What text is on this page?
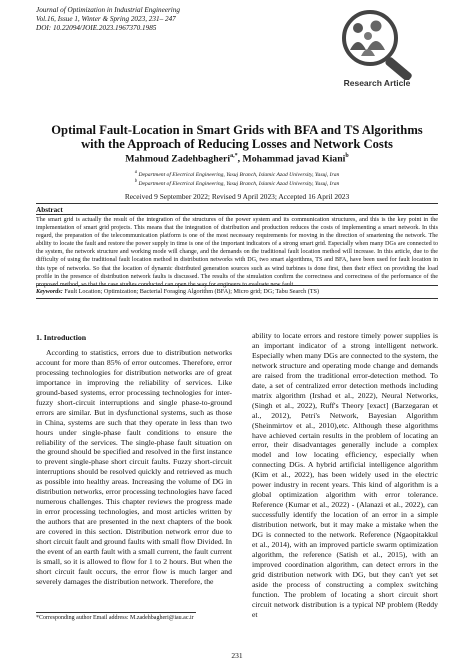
Journal of Optimization in Industrial Engineering
Vol.16, Issue 1, Winter & Spring 2023, 231– 247
DOI: 10.22094/JOIE.2023.1967370.1985
Research Article
Optimal Fault-Location in Smart Grids with BFA and TS Algorithms
with the Approach of Reducing Losses and Network Costs
Mahmoud Zadehbagheri$^{a,*}$, Mohammad javad Kiani$^b$
$^a$ Department of Electrical Engineering, Yasuj Branch, Islamic Azad University, Yasuj, Iran
$^b$ Department of Electrical Engineering, Yasuj Branch, Islamic Azad University, Yasuj, Iran
Received 9 September 2022; Revised 9 April 2023; Accepted 16 April 2023
Abstract
The smart grid is actually the result of the integration of the structures of the power system and its communication structures, and this is the key point in the implementation of smart grid projects. This means that the integration of distribution and production reduces the costs of implementing a smart network. In this regard, the preparation of the telecommunication platform is one of the most necessary requirements for moving in the direction of smartening the network. The ability to locate the fault and restore the power supply in time is one of the important indicators of a strong smart grid. Especially when many DGs are connected to the system, the network structure and working mode will change, and the demands on the traditional fault location method will increase. In this article, due to the difficulty of using the traditional fault location method in distribution networks with DG, two smart algorithms, TS and BFA, have been used for fault location in this type of networks. So that the location of dynamic distributed generation sources such as wind turbines is done first, then their effect on providing the load profile in the presence of distribution network faults is discussed. The results of the simulation confirm the correctness and correctness of the performance of the proposed method, so that the case studies conducted can open the way for engineers to evaluate new fault.
Keywords: Fault Location; Optimization; Bacterial Foraging Algorithm (BFA); Micro grid; DG; Tabu Search (TS)
1. Introduction
According to statistics, errors due to distribution networks account for more than 85% of error outcomes. Therefore, error processing technologies for distribution networks are of great importance in improving the reliability of services. Like ground-based systems, error processing technologies for inter-fuzzy short-circuit interruptions and single phase-to-ground errors are similar. But in dysfunctional systems, such as those in China, systems are such that they operate in less than two hours under single-phase fault conditions to ensure the reliability of the services. The single-phase fault situation on the ground should be specified and resolved in the first instance to prevent single-phase short circuit faults. Fuzzy short-circuit interruptions should be resolved quickly and retrieved as much as possible into healthy areas. Increasing the volume of DG in distribution networks, error processing technologies have faced numerous challenges. This chapter reviews the progress made in error processing technologies, and most articles written by the authors that are presented in the next chapters of the book are covered in this section. Distribution network error due to short circuit fault and ground faults with small flow Divided. In the event of an earth fault with a small current, the fault current is small, so it is allowed to flow for 1 to 2 hours. But when the short circuit fault occurs, the error flow is much larger and severely damages the distribution network. Therefore, the
ability to locate errors and restore timely power supplies is an important indicator of a strong intelligent network. Especially when many DGs are connected to the system, the network structure and operating mode change and demands are raised from the traditional error-detection method. To date, a set of centralized error detection methods including matrix algorithm (Irshad et al., 2022), Neural Networks, (Singh et al., 2022), Ruff's Theory [exact] (Barzegaran et al., 2012), Petri's Network, Bayesian Algorithm (Sheinmirtov et al., 2010),etc. Although these algorithms have achieved certain results in the problem of locating an error, their disadvantages generally include a complex model and low locating efficiency, especially when connecting DGs. A hybrid artificial intelligence algorithm (Kim et al., 2022), has been widely used in the electric power industry in recent years. This kind of algorithm is a global optimization algorithm with error tolerance. Reference (Kumar et al., 2022) - (Alanazi et al., 2022), can successfully identify the location of an error in a simple distribution network, but it may make a mistake when the DG is connected to the network. Reference (Ngaopitakkul et al., 2014), with an improved particle swarm optimization algorithm, the reference (Satish et al., 2015), with an improved coordination algorithm, can detect errors in the grid distribution network with DG, but they can't yet set aside the process of constructing a complex switching function. The problem of locating a short circuit short circuit network distribution is a typical NP problem (Reddy et
*Corresponding author Email address: M.zadehbagheri@iau.ac.ir
231
